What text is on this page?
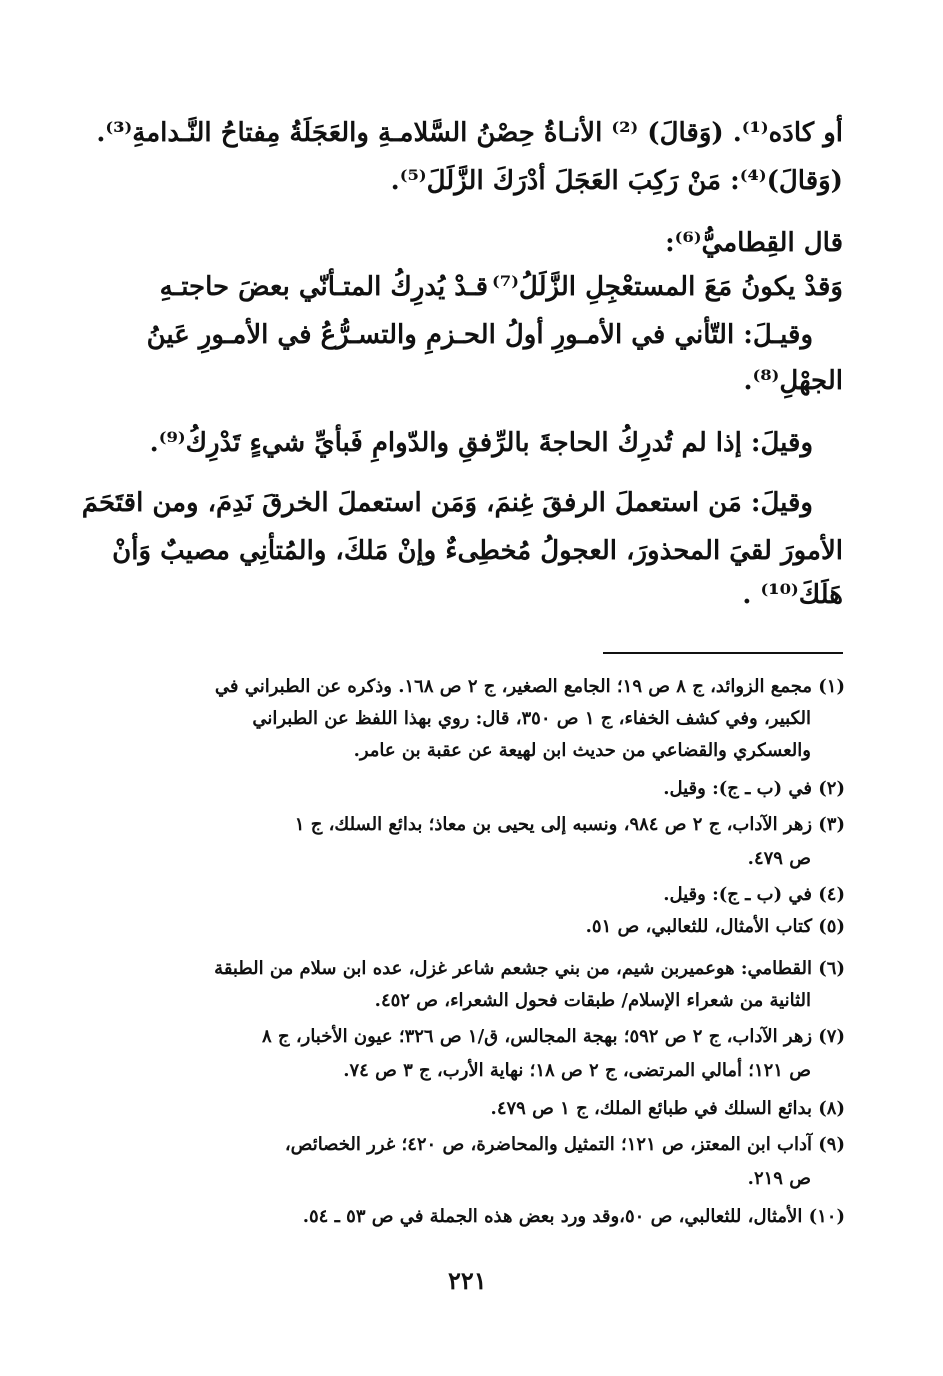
أو كادَه⁽¹⁾. (وَقالَ) ⁽²⁾ الأنـاةُ حِصْنُ السَّلامـةِ والعَجَلَةُ مِفتاحُ النَّـدامةِ⁽³⁾.
(وَقالَ)⁽⁴⁾: مَنْ رَكِبَ العَجَلَ أدْرَكَ الزَّلَلَ⁽⁵⁾.
قال القِطاميُّ⁽⁶⁾:
قـدْ يُدرِكُ المتـأنّي بعضَ حاجتـهِ وَقدْ يكونُ مَعَ المستعْجِلِ الزَّلَلُ⁽⁷⁾
وقيـلَ: التّأني في الأمـورِ أولُ الحـزمِ والتسـرُّعُ في الأمـورِ عَينُ
الجهْلِ⁽⁸⁾.
وقيلَ: إذا لم تُدرِكُ الحاجةَ بالرِّفقِ والدّوامِ فَبأيِّ شيءٍ تَدْرِكُ⁽⁹⁾.
وقيلَ: مَن استعملَ الرفقَ غِنمَ، وَمَن استعملَ الخرقَ نَدِمَ، ومن اقتَحَمَ
الأمورَ لقيَ المحذورَ، العجولُ مُخطِىءٌ وإنْ مَلكَ، والمُتأنِي مصيبٌ وَأنْ
هَلَكَ⁽¹⁰⁾ .
(١) مجمع الزوائد، ج ٨ ص ١٩؛ الجامع الصغير، ج ٢ ص ١٦٨. وذكره عن الطبراني في
الكبير، وفي كشف الخفاء، ج ١ ص ٣٥٠، قال: روي بهذا اللفظ عن الطبراني
والعسكري والقضاعي من حديث ابن لهيعة عن عقبة بن عامر.
(٢) في (ب ـ ج): وقيل.
(٣) زهر الآداب، ج ٢ ص ٩٨٤، ونسبه إلى يحيى بن معاذ؛ بدائع السلك، ج ١
ص ٤٧٩.
(٤) في (ب ـ ج): وقيل.
(٥) كتاب الأمثال، للثعالبي، ص ٥١.
(٦) القطامي: هوعميربن شيم، من بني جشعم شاعر غزل، عده ابن سلام من الطبقة
الثانية من شعراء الإسلام/ طبقات فحول الشعراء، ص ٤٥٢.
(٧) زهر الآداب، ج ٢ ص ٥٩٢؛ بهجة المجالس، ق/١ ص ٣٢٦؛ عيون الأخبار، ج ٨
ص ١٢١؛ أمالي المرتضى، ج ٢ ص ١٨؛ نهاية الأرب، ج ٣ ص ٧٤.
(٨) بدائع السلك في طبائع الملك، ج ١ ص ٤٧٩.
(٩) آداب ابن المعتز، ص ١٢١؛ التمثيل والمحاضرة، ص ٤٢٠؛ غرر الخصائص،
ص ٢١٩.
(١٠) الأمثال، للثعالبي، ص ٥٠،وقد ورد بعض هذه الجملة في ص ٥٣ ـ ٥٤.
٢٢١
